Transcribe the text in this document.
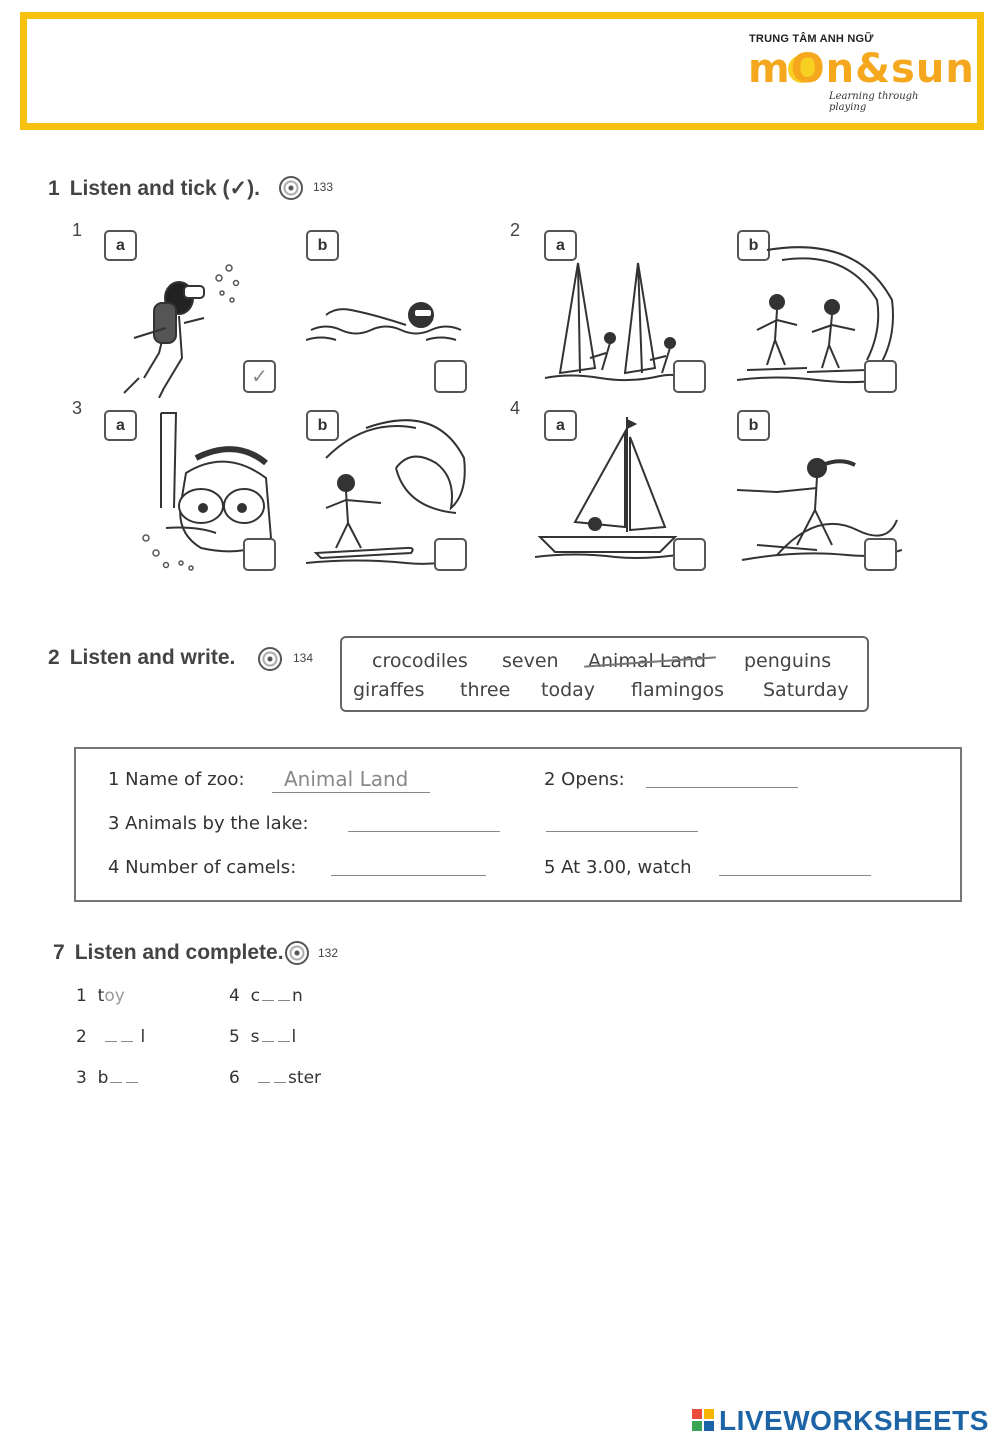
TRUNG TÂM ANH NGỮ
mOn&sun
Learning through playing
1 Listen and tick (✓).	133
1
a
✓
b
2
a	b
3
a	b
4
a	b
2 Listen and write.	134	crocodiles seven Animal Land penguins
giraffes three today flamingos Saturday
1 Name of zoo: Animal Land	2 Opens:
3 Animals by the lake:
4 Number of camels:	5 At 3.00, watch
7 Listen and complete.	132
1 toy
2	l
3 b
4 c n
5 s l
6	ster
LIVEWORKSHEETS
